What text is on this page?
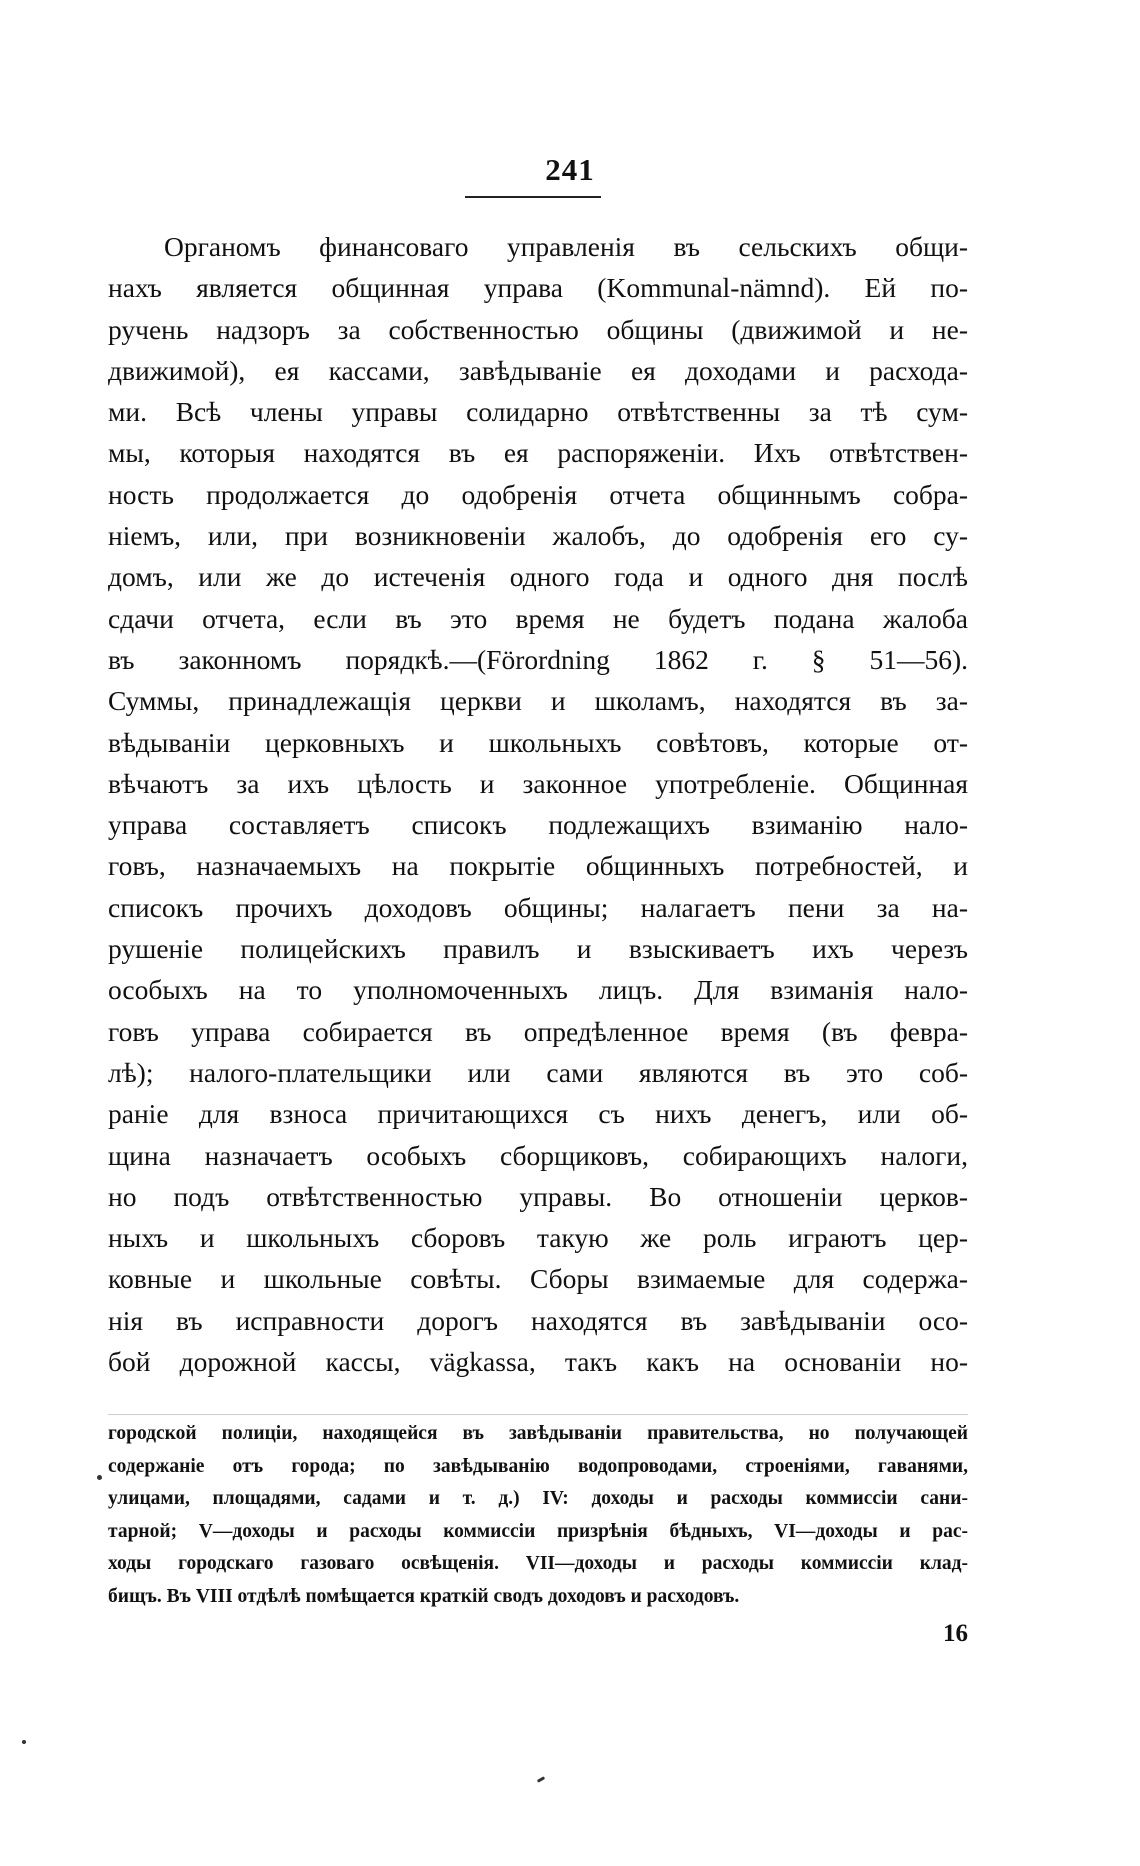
241
Органомъ финансоваго управленія въ сельскихъ общи-
нахъ является общинная управа (Kommunal-nämnd). Ей по-
ручень надзоръ за собственностью общины (движимой и не-
движимой), ея кассами, завѣдываніе ея доходами и расхода-
ми. Всѣ члены управы солидарно отвѣтственны за тѣ сум-
мы, которыя находятся въ ея распоряженіи. Ихъ отвѣтствен-
ность продолжается до одобренія отчета общиннымъ собра-
ніемъ, или, при возникновеніи жалобъ, до одобренія его су-
домъ, или же до истеченія одного года и одного дня послѣ
сдачи отчета, если въ это время не будетъ подана жалоба
въ законномъ порядкѣ.—(Förordning 1862 г. § 51—56).
Суммы, принадлежащія церкви и школамъ, находятся въ за-
вѣдываніи церковныхъ и школьныхъ совѣтовъ, которые от-
вѣчаютъ за ихъ цѣлость и законное употребленіе. Общинная
управа составляетъ списокъ подлежащихъ взиманію нало-
говъ, назначаемыхъ на покрытіе общинныхъ потребностей, и
списокъ прочихъ доходовъ общины; налагаетъ пени за на-
рушеніе полицейскихъ правилъ и взыскиваетъ ихъ черезъ
особыхъ на то уполномоченныхъ лицъ. Для взиманія нало-
говъ управа собирается въ опредѣленное время (въ февра-
лѣ); налого-плательщики или сами являются въ это соб-
раніе для взноса причитающихся съ нихъ денегъ, или об-
щина назначаетъ особыхъ сборщиковъ, собирающихъ налоги,
но подъ отвѣтственностью управы. Во отношеніи церков-
ныхъ и школьныхъ сборовъ такую же роль играютъ цер-
ковные и школьные совѣты. Сборы взимаемые для содержа-
нія въ исправности дорогъ находятся въ завѣдываніи осо-
бой дорожной кассы, vägkassa, такъ какъ на основаніи но-
городской полиціи, находящейся въ завѣдываніи правительства, но получающей
содержаніе отъ города; по завѣдыванію водопроводами, строеніями, гаванями,
улицами, площадями, садами и т. д.) IV: доходы и расходы коммиссіи сани-
тарной; V—доходы и расходы коммиссіи призрѣнія бѣдныхъ, VI—доходы и рас-
ходы городскаго газоваго освѣщенія. VII—доходы и расходы коммиссіи клад-
бищъ. Въ VIII отдѣлѣ помѣщается краткій сводъ доходовъ и расходовъ.
16
